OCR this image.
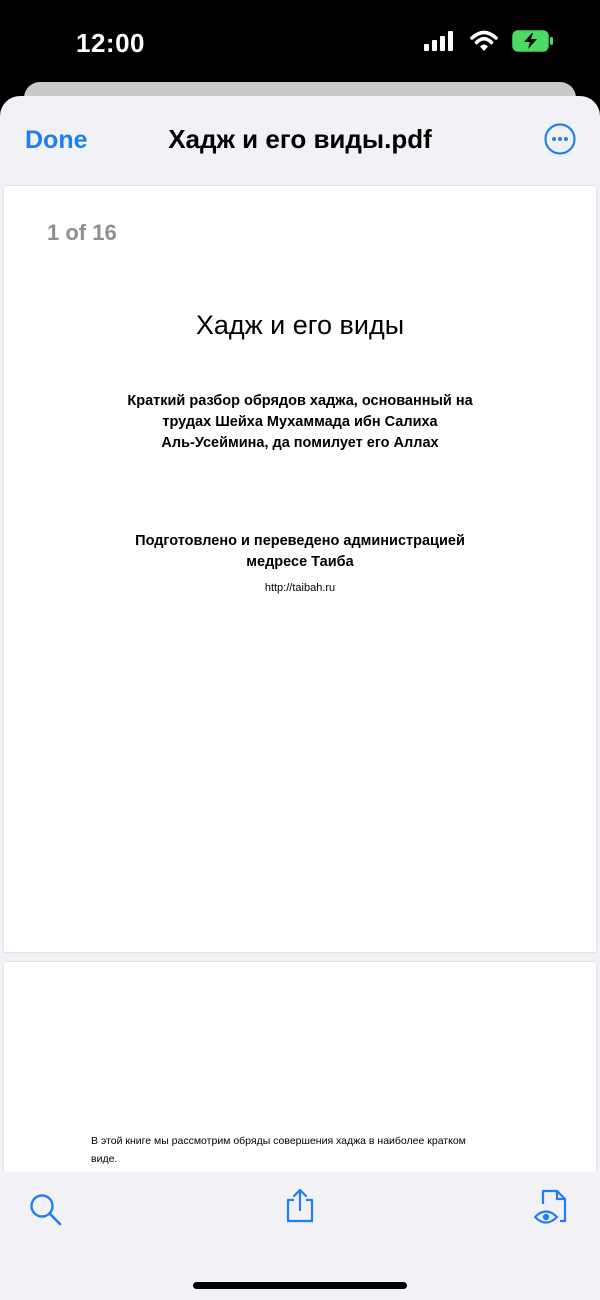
12:00
Done	Хадж и его виды.pdf
1 of 16
Хадж и его виды
Краткий разбор обрядов хаджа, основанный на
трудах Шейха Мухаммада ибн Салиха
Аль-Усеймина, да помилует его Аллах
Подготовлено и переведено администрацией
медресе Таиба
http://taibah.ru
В этой книге мы рассмотрим обряды совершения хаджа в наиболее кратком
виде.
